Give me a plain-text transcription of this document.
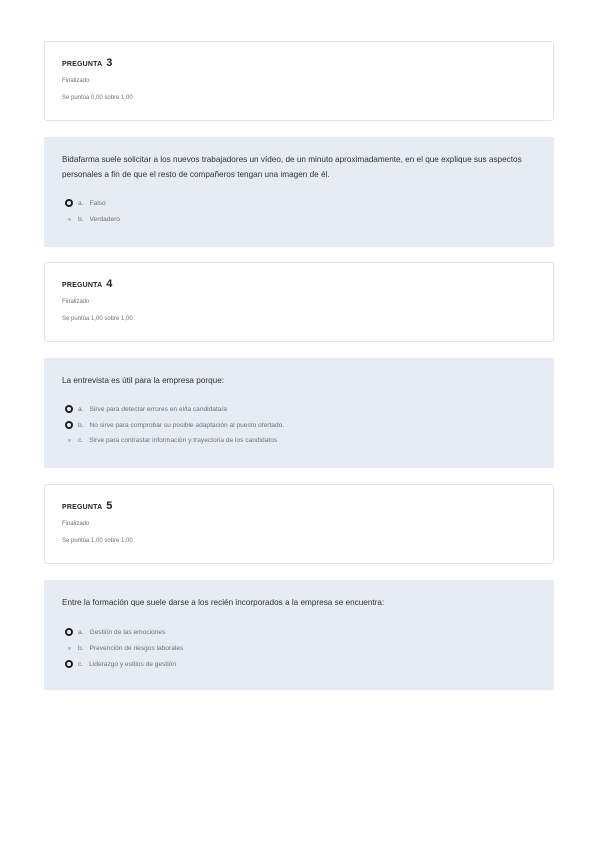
PREGUNTA 3
Finalizado
Se puntúa 0,00 sobre 1,00
Bidafarma suele solicitar a los nuevos trabajadores un vídeo, de un minuto aproximadamente, en el que explique sus aspectos personales a fin de que el resto de compañeros tengan una imagen de él.
a. Falso
b. Verdadero
PREGUNTA 4
Finalizado
Se puntúa 1,00 sobre 1,00
La entrevista es útil para la empresa porque:
a. Sirve para detectar errores en el/la candidata/a
b. No sirve para comprobar su posible adaptación al puesto ofertado.
c. Sirve para contrastar información y trayectoria de los candidatos
PREGUNTA 5
Finalizado
Se puntúa 1,00 sobre 1,00
Entre la formación que suele darse a los recién incorporados a la empresa se encuentra:
a. Gestión de las emociones
b. Prevención de riesgos laborales
c. Liderazgo y estilos de gestión
